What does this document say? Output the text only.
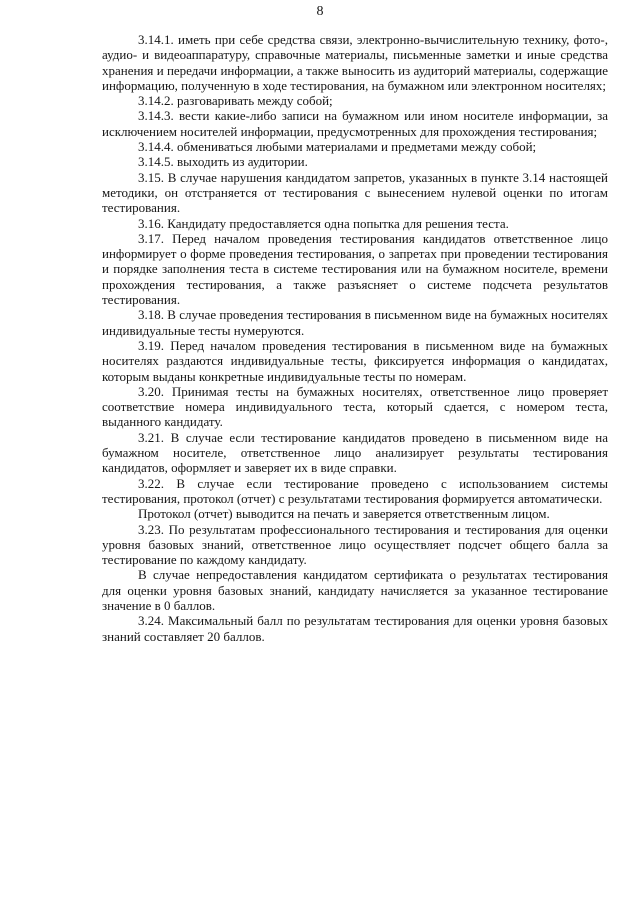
8

3.14.1. иметь при себе средства связи, электронно-вычислительную технику, фото-, аудио- и видеоаппаратуру, справочные материалы, письменные заметки и иные средства хранения и передачи информации, а также выносить из аудиторий материалы, содержащие информацию, полученную в ходе тестирования, на бумажном или электронном носителях;

3.14.2. разговаривать между собой;

3.14.3. вести какие-либо записи на бумажном или ином носителе информации, за исключением носителей информации, предусмотренных для прохождения тестирования;

3.14.4. обмениваться любыми материалами и предметами между собой;

3.14.5. выходить из аудитории.

3.15. В случае нарушения кандидатом запретов, указанных в пункте 3.14 настоящей методики, он отстраняется от тестирования с вынесением нулевой оценки по итогам тестирования.

3.16. Кандидату предоставляется одна попытка для решения теста.

3.17. Перед началом проведения тестирования кандидатов ответственное лицо информирует о форме проведения тестирования, о запретах при проведении тестирования и порядке заполнения теста в системе тестирования или на бумажном носителе, времени прохождения тестирования, а также разъясняет о системе подсчета результатов тестирования.

3.18. В случае проведения тестирования в письменном виде на бумажных носителях индивидуальные тесты нумеруются.

3.19. Перед началом проведения тестирования в письменном виде на бумажных носителях раздаются индивидуальные тесты, фиксируется информация о кандидатах, которым выданы конкретные индивидуальные тесты по номерам.

3.20. Принимая тесты на бумажных носителях, ответственное лицо проверяет соответствие номера индивидуального теста, который сдается, с номером теста, выданного кандидату.

3.21. В случае если тестирование кандидатов проведено в письменном виде на бумажном носителе, ответственное лицо анализирует результаты тестирования кандидатов, оформляет и заверяет их в виде справки.

3.22. В случае если тестирование проведено с использованием системы тестирования, протокол (отчет) с результатами тестирования формируется автоматически.

Протокол (отчет) выводится на печать и заверяется ответственным лицом.

3.23. По результатам профессионального тестирования и тестирования для оценки уровня базовых знаний, ответственное лицо осуществляет подсчет общего балла за тестирование по каждому кандидату.

В случае непредоставления кандидатом сертификата о результатах тестирования для оценки уровня базовых знаний, кандидату начисляется за указанное тестирование значение в 0 баллов.

3.24. Максимальный балл по результатам тестирования для оценки уровня базовых знаний составляет 20 баллов.
